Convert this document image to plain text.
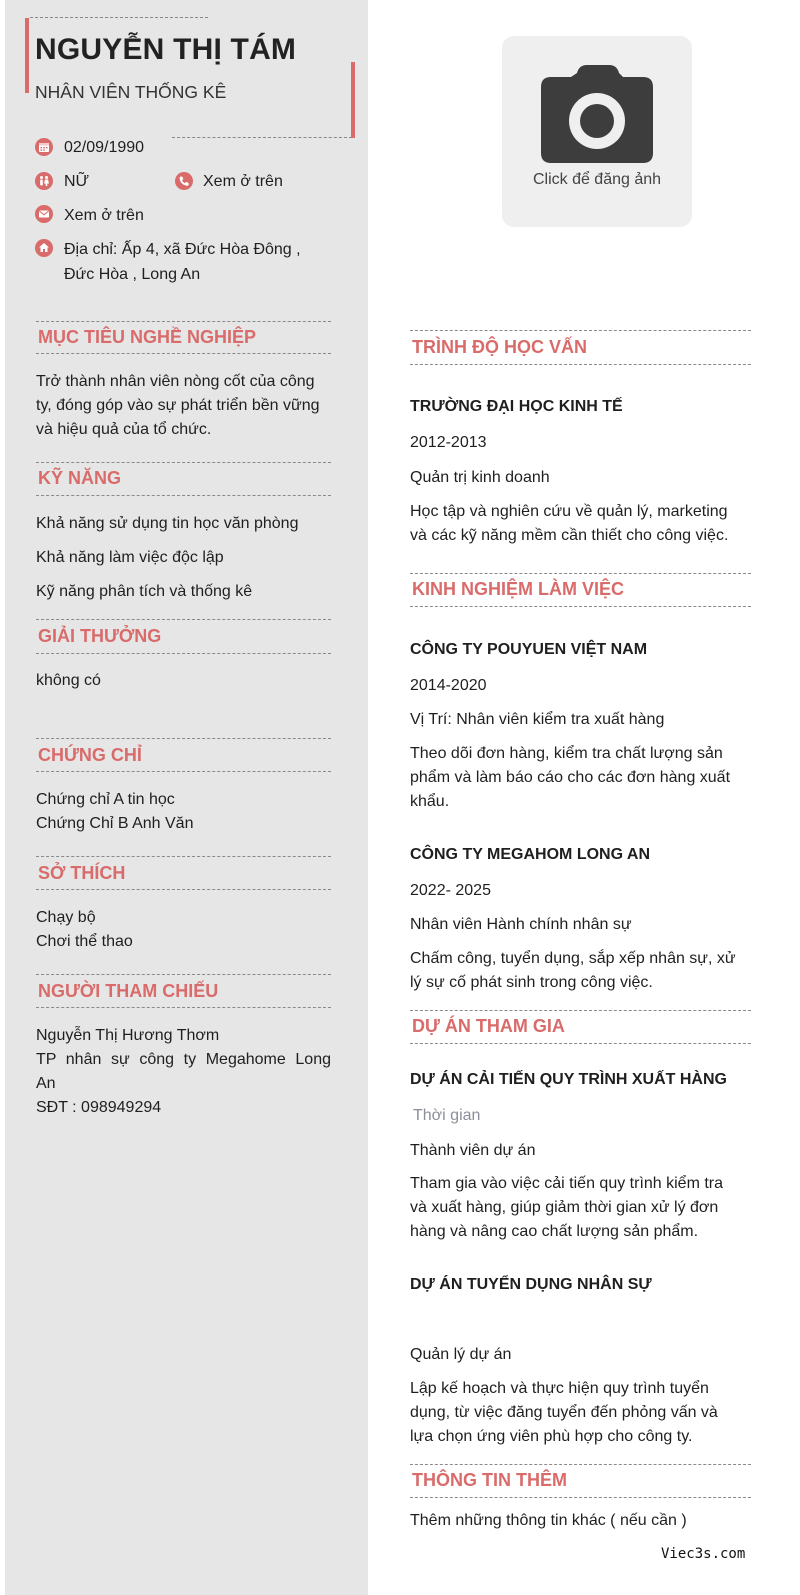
NGUYỄN THỊ TÁM
NHÂN VIÊN THỐNG KÊ
02/09/1990
NỮ	Xem ở trên
Xem ở trên
Địa chỉ: Ấp 4, xã Đức Hòa Đông ,
Đức Hòa , Long An
Click để đăng ảnh
MỤC TIÊU NGHỀ NGHIỆP
Trở thành nhân viên nòng cốt của công
ty, đóng góp vào sự phát triển bền vững
và hiệu quả của tổ chức.
KỸ NĂNG
Khả năng sử dụng tin học văn phòng
Khả năng làm việc độc lập
Kỹ năng phân tích và thống kê
GIẢI THƯỞNG
không có
CHỨNG CHỈ
Chứng chỉ A tin học
Chứng Chỉ B Anh Văn
SỞ THÍCH
Chạy bộ
Chơi thể thao
NGƯỜI THAM CHIẾU
Nguyễn Thị Hương Thơm
TP nhân sự công ty Megahome Long
An
SĐT : 098949294
TRÌNH ĐỘ HỌC VẤN
TRƯỜNG ĐẠI HỌC KINH TẾ
2012-2013
Quản trị kinh doanh
Học tập và nghiên cứu về quản lý, marketing
và các kỹ năng mềm cần thiết cho công việc.
KINH NGHIỆM LÀM VIỆC
CÔNG TY POUYUEN VIỆT NAM
2014-2020
Vị Trí: Nhân viên kiểm tra xuất hàng
Theo dõi đơn hàng, kiểm tra chất lượng sản
phẩm và làm báo cáo cho các đơn hàng xuất
khẩu.
CÔNG TY MEGAHOM LONG AN
2022- 2025
Nhân viên Hành chính nhân sự
Chấm công, tuyển dụng, sắp xếp nhân sự, xử
lý sự cố phát sinh trong công việc.
DỰ ÁN THAM GIA
DỰ ÁN CẢI TIẾN QUY TRÌNH XUẤT HÀNG
Thời gian
Thành viên dự án
Tham gia vào việc cải tiến quy trình kiểm tra
và xuất hàng, giúp giảm thời gian xử lý đơn
hàng và nâng cao chất lượng sản phẩm.
DỰ ÁN TUYỂN DỤNG NHÂN SỰ
Quản lý dự án
Lập kế hoạch và thực hiện quy trình tuyển
dụng, từ việc đăng tuyển đến phỏng vấn và
lựa chọn ứng viên phù hợp cho công ty.
THÔNG TIN THÊM
Thêm những thông tin khác ( nếu cần )
Viec3s.com
